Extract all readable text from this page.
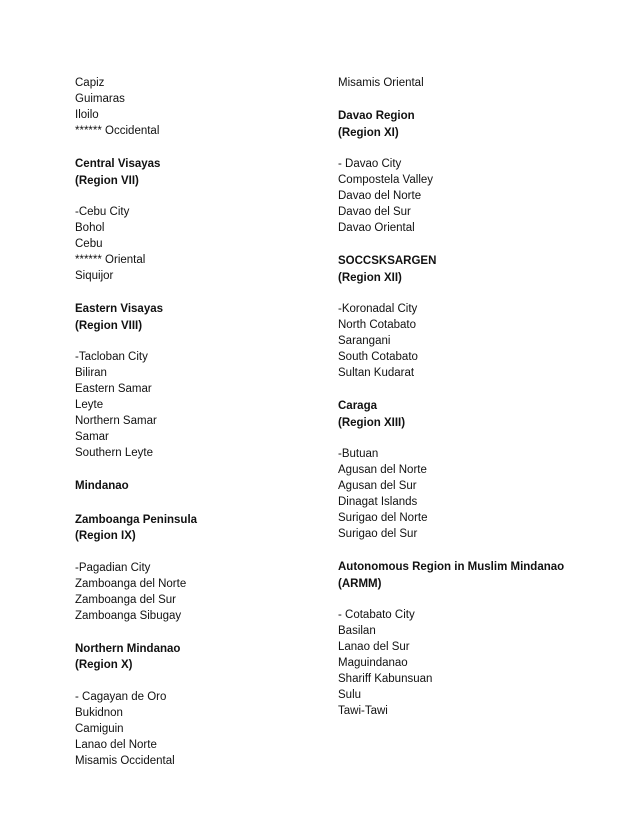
Capiz
Guimaras
Iloilo
****** Occidental
Central Visayas
(Region VII)
-Cebu City
Bohol
Cebu
****** Oriental
Siquijor
Eastern Visayas
(Region VIII)
-Tacloban City
Biliran
Eastern Samar
Leyte
Northern Samar
Samar
Southern Leyte
Mindanao
Zamboanga Peninsula
(Region IX)
-Pagadian City
Zamboanga del Norte
Zamboanga del Sur
Zamboanga Sibugay
Northern Mindanao
(Region X)
- Cagayan de Oro
Bukidnon
Camiguin
Lanao del Norte
Misamis Occidental
Misamis Oriental
Davao Region
(Region XI)
- Davao City
Compostela Valley
Davao del Norte
Davao del Sur
Davao Oriental
SOCCSKSARGEN
(Region XII)
-Koronadal City
North Cotabato
Sarangani
South Cotabato
Sultan Kudarat
Caraga
(Region XIII)
-Butuan
Agusan del Norte
Agusan del Sur
Dinagat Islands
Surigao del Norte
Surigao del Sur
Autonomous Region in Muslim Mindanao
(ARMM)
- Cotabato City
Basilan
Lanao del Sur
Maguindanao
Shariff Kabunsuan
Sulu
Tawi-Tawi
